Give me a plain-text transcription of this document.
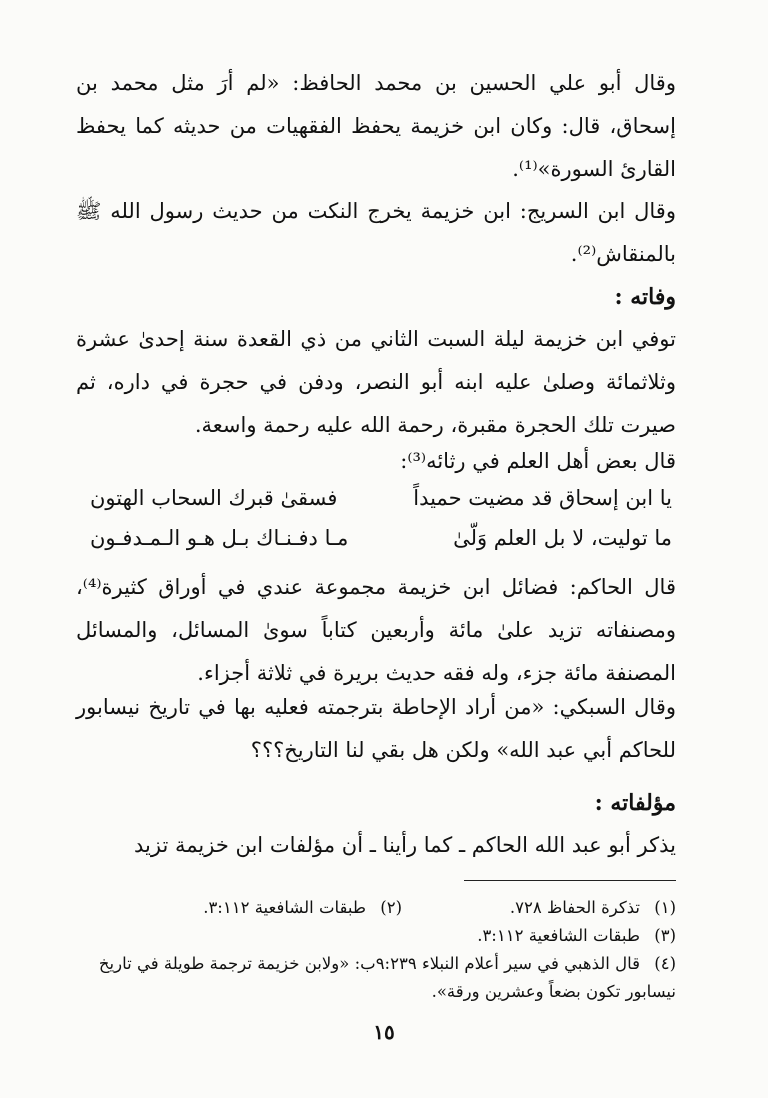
وقال أبو علي الحسين بن محمد الحافظ: «لم أرَ مثل محمد بن إسحاق، قال: وكان ابن خزيمة يحفظ الفقهيات من حديثه كما يحفظ القارئ السورة»⁽¹⁾.
وقال ابن السريج: ابن خزيمة يخرج النكت من حديث رسول الله ﷺ بالمنقاش⁽²⁾.
وفاته :
توفي ابن خزيمة ليلة السبت الثاني من ذي القعدة سنة إحدىٰ عشرة وثلاثمائة وصلىٰ عليه ابنه أبو النصر، ودفن في حجرة في داره، ثم صيرت تلك الحجرة مقبرة، رحمة الله عليه رحمة واسعة.
قال بعض أهل العلم في رثائه⁽³⁾:
يا ابن إسحاق قد مضيت حميداً
فسقىٰ قبرك السحاب الهتون
ما توليت، لا بل العلم وَلّىٰ
مـا دفـنـاك بـل هـو الـمـدفـون
قال الحاكم: فضائل ابن خزيمة مجموعة عندي في أوراق كثيرة⁽⁴⁾، ومصنفاته تزيد علىٰ مائة وأربعين كتاباً سوىٰ المسائل، والمسائل المصنفة مائة جزء، وله فقه حديث بريرة في ثلاثة أجزاء.
وقال السبكي: «من أراد الإحاطة بترجمته فعليه بها في تاريخ نيسابور للحاكم أبي عبد الله» ولكن هل بقي لنا التاريخ؟؟؟
مؤلفاته :
يذكر أبو عبد الله الحاكم ـ كما رأينا ـ أن مؤلفات ابن خزيمة تزيد
(١)تذكرة الحفاظ ٧٢٨.
(٢)طبقات الشافعية ٣:١١٢.
(٣)طبقات الشافعية ٣:١١٢.
(٤)قال الذهبي في سير أعلام النبلاء ٩:٢٣٩ب: «ولابن خزيمة ترجمة طويلة في تاريخ نيسابور تكون بضعاً وعشرين ورقة».
١٥
